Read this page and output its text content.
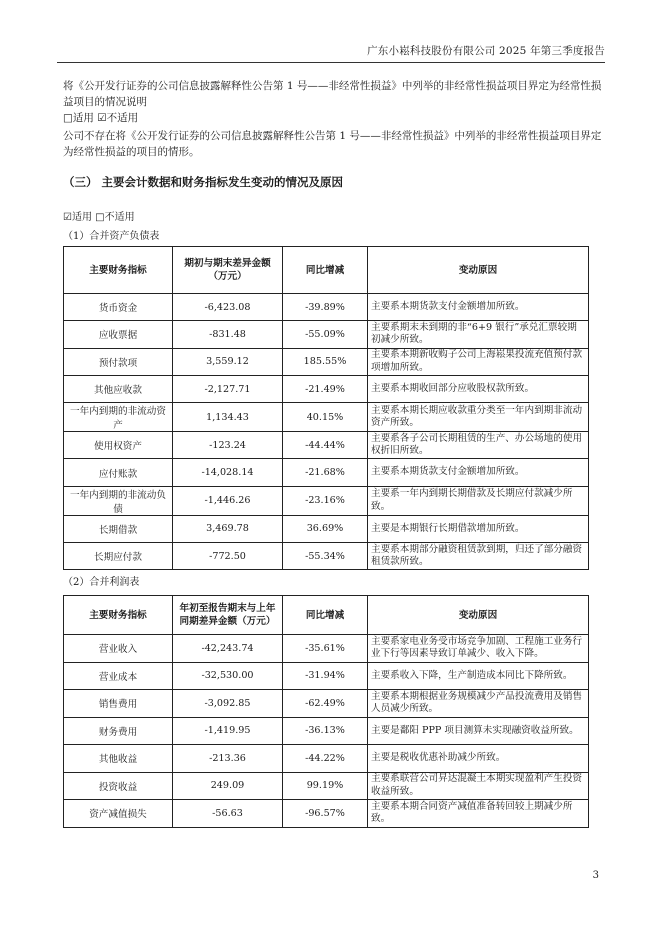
广东小崧科技股份有限公司 2025 年第三季度报告
将《公开发行证券的公司信息披露解释性公告第 1 号——非经常性损益》中列举的非经常性损益项目界定为经常性损益项目的情况说明
□适用 ☑不适用
公司不存在将《公开发行证券的公司信息披露解释性公告第 1 号——非经常性损益》中列举的非经常性损益项目界定为经常性损益的项目的情形。
（三） 主要会计数据和财务指标发生变动的情况及原因
☑适用 □不适用
（1）合并资产负债表
主要财务指标	期初与期末差异金额（万元）	同比增减	变动原因
货币资金	-6,423.08	-39.89%	主要系本期货款支付金额增加所致。
应收票据	-831.48	-55.09%	主要系期末未到期的非“6+9 银行”承兑汇票较期初减少所致。
预付款项	3,559.12	185.55%	主要系本期新收购子公司上海崧果投流充值预付款项增加所致。
其他应收款	-2,127.71	-21.49%	主要系本期收回部分应收股权款所致。
一年内到期的非流动资产	1,134.43	40.15%	主要系本期长期应收款重分类至一年内到期非流动资产所致。
使用权资产	-123.24	-44.44%	主要系各子公司长期租赁的生产、办公场地的使用权折旧所致。
应付账款	-14,028.14	-21.68%	主要系本期货款支付金额增加所致。
一年内到期的非流动负债	-1,446.26	-23.16%	主要系一年内到期长期借款及长期应付款减少所致。
长期借款	3,469.78	36.69%	主要是本期银行长期借款增加所致。
长期应付款	-772.50	-55.34%	主要系本期部分融资租赁款到期，归还了部分融资租赁款所致。
（2）合并利润表
主要财务指标	年初至报告期末与上年同期差异金额（万元）	同比增减	变动原因
营业收入	-42,243.74	-35.61%	主要系家电业务受市场竞争加剧、工程施工业务行业下行等因素导致订单减少、收入下降。
营业成本	-32,530.00	-31.94%	主要系收入下降，生产制造成本同比下降所致。
销售费用	-3,092.85	-62.49%	主要系本期根据业务规模减少产品投流费用及销售人员减少所致。
财务费用	-1,419.95	-36.13%	主要是鄱阳 PPP 项目测算未实现融资收益所致。
其他收益	-213.36	-44.22%	主要是税收优惠补助减少所致。
投资收益	249.09	99.19%	主要系联营公司昇达混凝土本期实现盈利产生投资收益所致。
资产减值损失	-56.63	-96.57%	主要系本期合同资产减值准备转回较上期减少所致。
3
